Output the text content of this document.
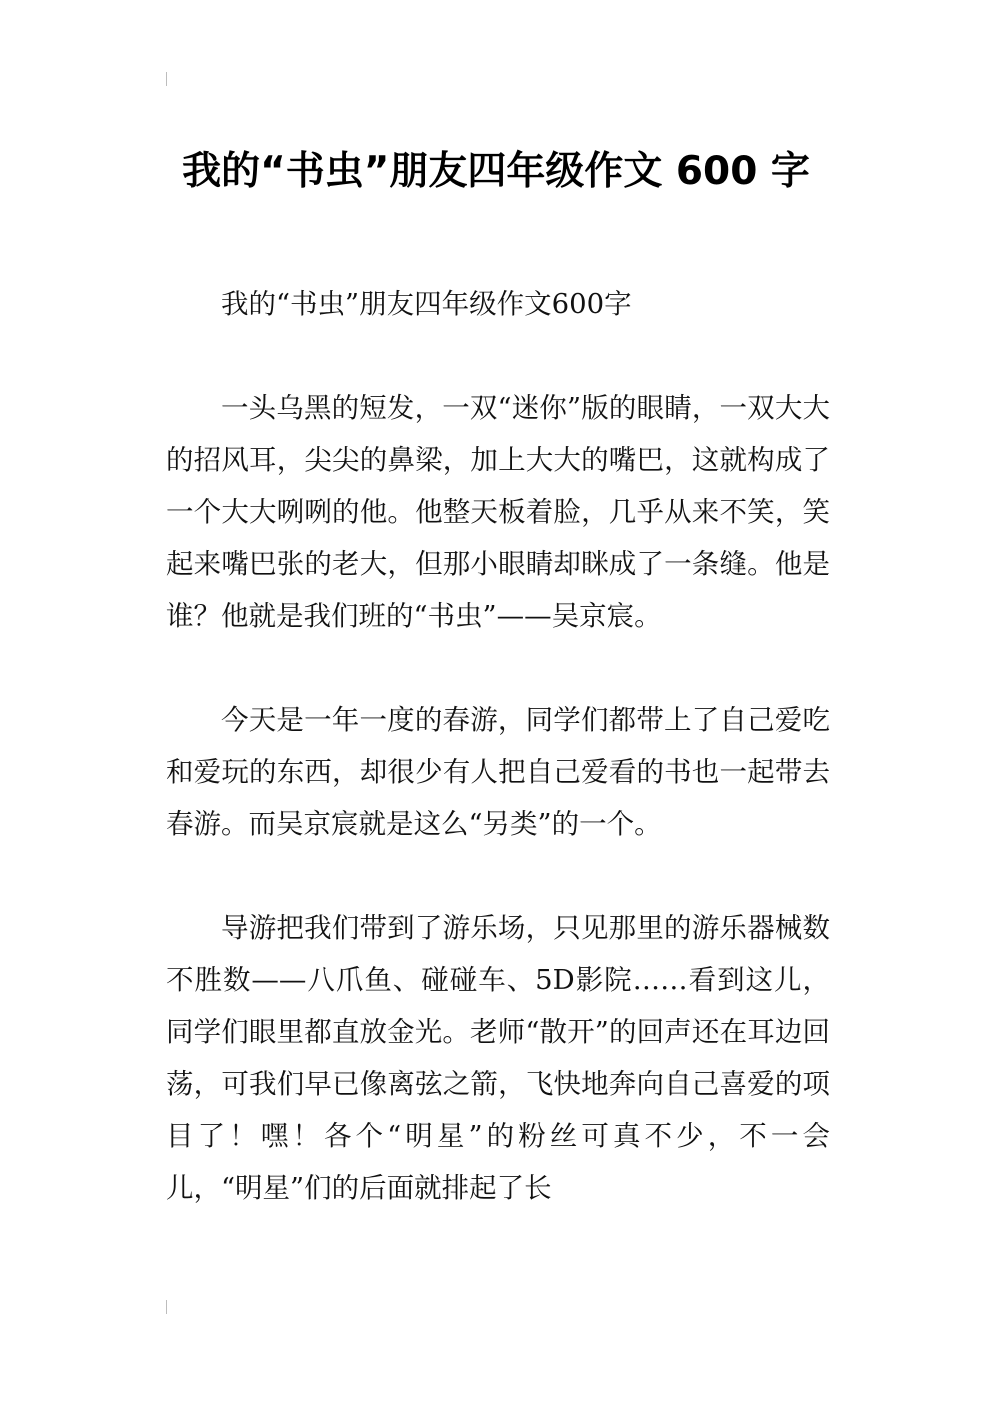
我的“书虫”朋友四年级作文 600 字

我的“书虫”朋友四年级作文600字

一头乌黑的短发，一双“迷你”版的眼睛，一双大大的招风耳，尖尖的鼻梁，加上大大的嘴巴，这就构成了一个大大咧咧的他。他整天板着脸，几乎从来不笑，笑起来嘴巴张的老大，但那小眼睛却眯成了一条缝。他是谁？他就是我们班的“书虫”——吴京宸。

今天是一年一度的春游，同学们都带上了自己爱吃和爱玩的东西，却很少有人把自己爱看的书也一起带去春游。而吴京宸就是这么“另类”的一个。

导游把我们带到了游乐场，只见那里的游乐器械数不胜数——八爪鱼、碰碰车、5D影院……看到这儿，同学们眼里都直放金光。老师“散开”的回声还在耳边回荡，可我们早已像离弦之箭，飞快地奔向自己喜爱的项目了！嘿！各个“明星”的粉丝可真不少，不一会儿，“明星”们的后面就排起了长
